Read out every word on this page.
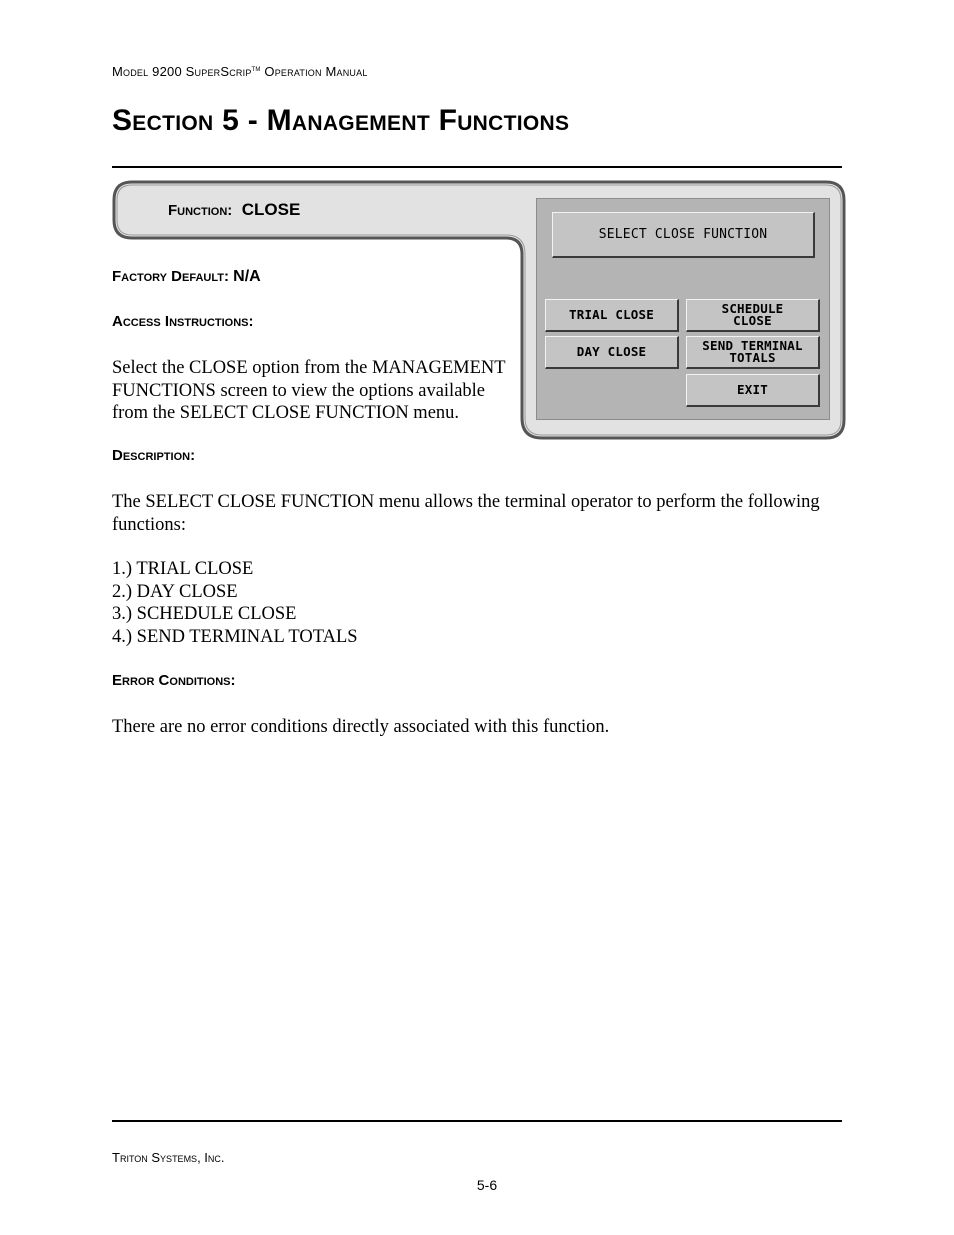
Model 9200 SuperScrip™ Operation Manual
Section 5 - Management Functions
Function: CLOSE
Factory Default: N/A
Access Instructions:

Select the CLOSE option from the MANAGEMENT
FUNCTIONS screen to view the options available
from the SELECT CLOSE FUNCTION menu.

SELECT CLOSE FUNCTION
TRIAL CLOSE	SCHEDULE
CLOSE
DAY CLOSE	SEND TERMINAL
TOTALS
EXIT
Description:

The SELECT CLOSE FUNCTION menu allows the terminal operator to perform the following
functions:

1.) TRIAL CLOSE
2.) DAY CLOSE
3.) SCHEDULE CLOSE
4.) SEND TERMINAL TOTALS
Error Conditions:

There are no error conditions directly associated with this function.

Triton Systems, Inc.
5-6
